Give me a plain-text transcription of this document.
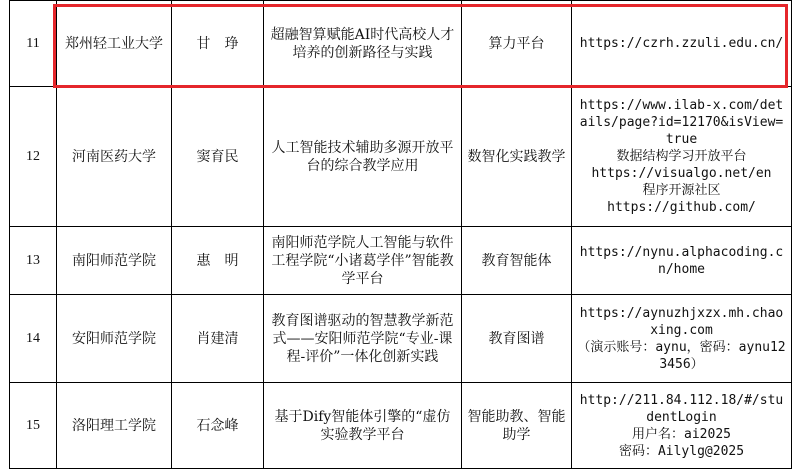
11	郑州轻工业大学	甘　琤	超融智算赋能AI时代高校人才培养的创新路径与实践	算力平台	https://czrh.zzuli.edu.cn/

12	河南医药大学	窦育民	人工智能技术辅助多源开放平台的综合教学应用	数智化实践教学	https://www.ilab-x.com/details/page?id=12170&isView=true
数据结构学习开放平台
https://visualgo.net/en
程序开源社区
https://github.com/

13	南阳师范学院	惠　明	南阳师范学院人工智能与软件工程学院“小诸葛学伴”智能教学平台	教育智能体	https://nynu.alphacoding.cn/home

14	安阳师范学院	肖建清	教育图谱驱动的智慧教学新范式——安阳师范学院“专业-课程-评价”一体化创新实践	教育图谱	https://aynuzhjxzx.mh.chaoxing.com
（演示账号：aynu，密码：aynu123456）

15	洛阳理工学院	石念峰	基于Dify智能体引擎的“虚仿实验教学平台	智能助教、智能助学	http://211.84.112.18/#/studentLogin
用户名：ai2025
密码：Ailylg@2025
